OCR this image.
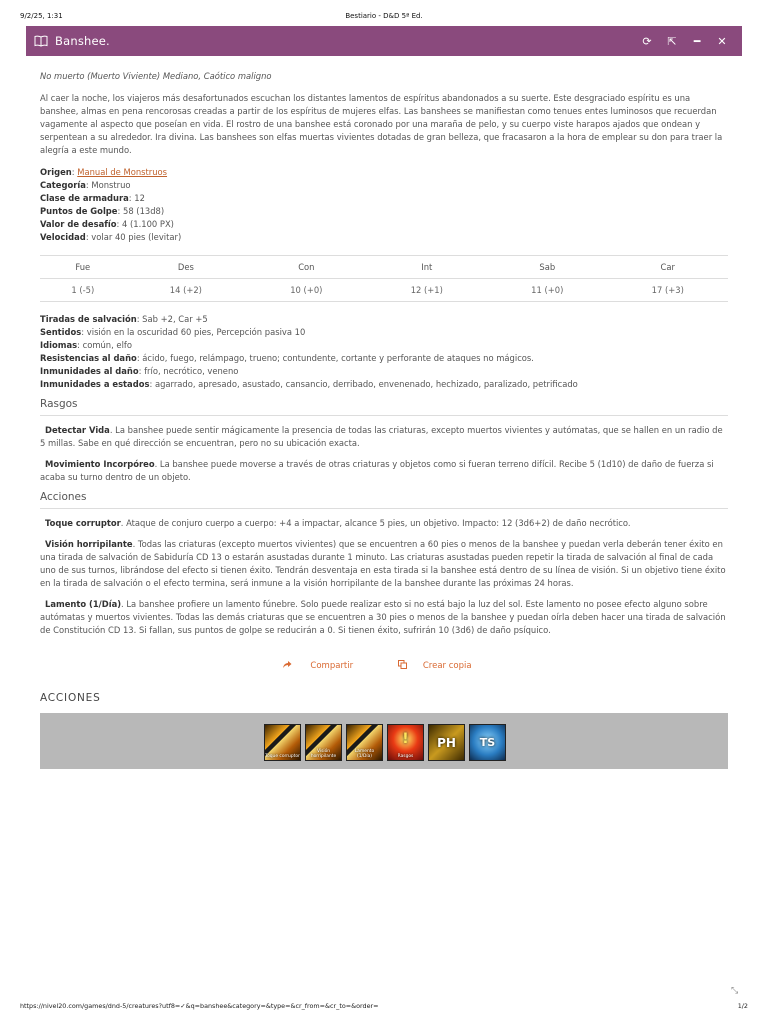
9/2/25, 1:31	Bestiario - D&D 5ª Ed.
Banshee.	⟳ ⇱ ━ ✕
No muerto (Muerto Viviente) Mediano, Caótico maligno
Al caer la noche, los viajeros más desafortunados escuchan los distantes lamentos de espíritus abandonados a su suerte. Este desgraciado espíritu es una banshee, almas en pena rencorosas creadas a partir de los espíritus de mujeres elfas. Las banshees se manifiestan como tenues entes luminosos que recuerdan vagamente al aspecto que poseían en vida. El rostro de una banshee está coronado por una maraña de pelo, y su cuerpo viste harapos ajados que ondean y serpentean a su alrededor. Ira divina. Las banshees son elfas muertas vivientes dotadas de gran belleza, que fracasaron a la hora de emplear su don para traer la alegría a este mundo.
Origen: Manual de Monstruos
Categoría: Monstruo
Clase de armadura: 12
Puntos de Golpe: 58 (13d8)
Valor de desafío: 4 (1.100 PX)
Velocidad: volar 40 pies (levitar)
Fue	Des	Con	Int	Sab	Car
1 (-5)	14 (+2)	10 (+0)	12 (+1)	11 (+0)	17 (+3)
Tiradas de salvación: Sab +2, Car +5
Sentidos: visión en la oscuridad 60 pies, Percepción pasiva 10
Idiomas: común, elfo
Resistencias al daño: ácido, fuego, relámpago, trueno; contundente, cortante y perforante de ataques no mágicos.
Inmunidades al daño: frío, necrótico, veneno
Inmunidades a estados: agarrado, apresado, asustado, cansancio, derribado, envenenado, hechizado, paralizado, petrificado
Rasgos
Detectar Vida. La banshee puede sentir mágicamente la presencia de todas las criaturas, excepto muertos vivientes y autómatas, que se hallen en un radio de 5 millas. Sabe en qué dirección se encuentran, pero no su ubicación exacta.
Movimiento Incorpóreo. La banshee puede moverse a través de otras criaturas y objetos como si fueran terreno difícil. Recibe 5 (1d10) de daño de fuerza si acaba su turno dentro de un objeto.
Acciones
Toque corruptor. Ataque de conjuro cuerpo a cuerpo: +4 a impactar, alcance 5 pies, un objetivo. Impacto: 12 (3d6+2) de daño necrótico.
Visión horripilante. Todas las criaturas (excepto muertos vivientes) que se encuentren a 60 pies o menos de la banshee y puedan verla deberán tener éxito en una tirada de salvación de Sabiduría CD 13 o estarán asustadas durante 1 minuto. Las criaturas asustadas pueden repetir la tirada de salvación al final de cada uno de sus turnos, librándose del efecto si tienen éxito. Tendrán desventaja en esta tirada si la banshee está dentro de su línea de visión. Si un objetivo tiene éxito en la tirada de salvación o el efecto termina, será inmune a la visión horripilante de la banshee durante las próximas 24 horas.
Lamento (1/Día). La banshee profiere un lamento fúnebre. Solo puede realizar esto si no está bajo la luz del sol. Este lamento no posee efecto alguno sobre autómatas y muertos vivientes. Todas las demás criaturas que se encuentren a 30 pies o menos de la banshee y puedan oírla deben hacer una tirada de salvación de Constitución CD 13. Si fallan, sus puntos de golpe se reducirán a 0. Si tienen éxito, sufrirán 10 (3d6) de daño psíquico.
Compartir	Crear copia
ACCIONES
Toque corruptor
Visión horripilante
Lamento (1/Día)
!
Rasgos
PH	TS
⤡
https://nivel20.com/games/dnd-5/creatures?utf8=✓&q=banshee&category=&type=&cr_from=&cr_to=&order=	1/2
